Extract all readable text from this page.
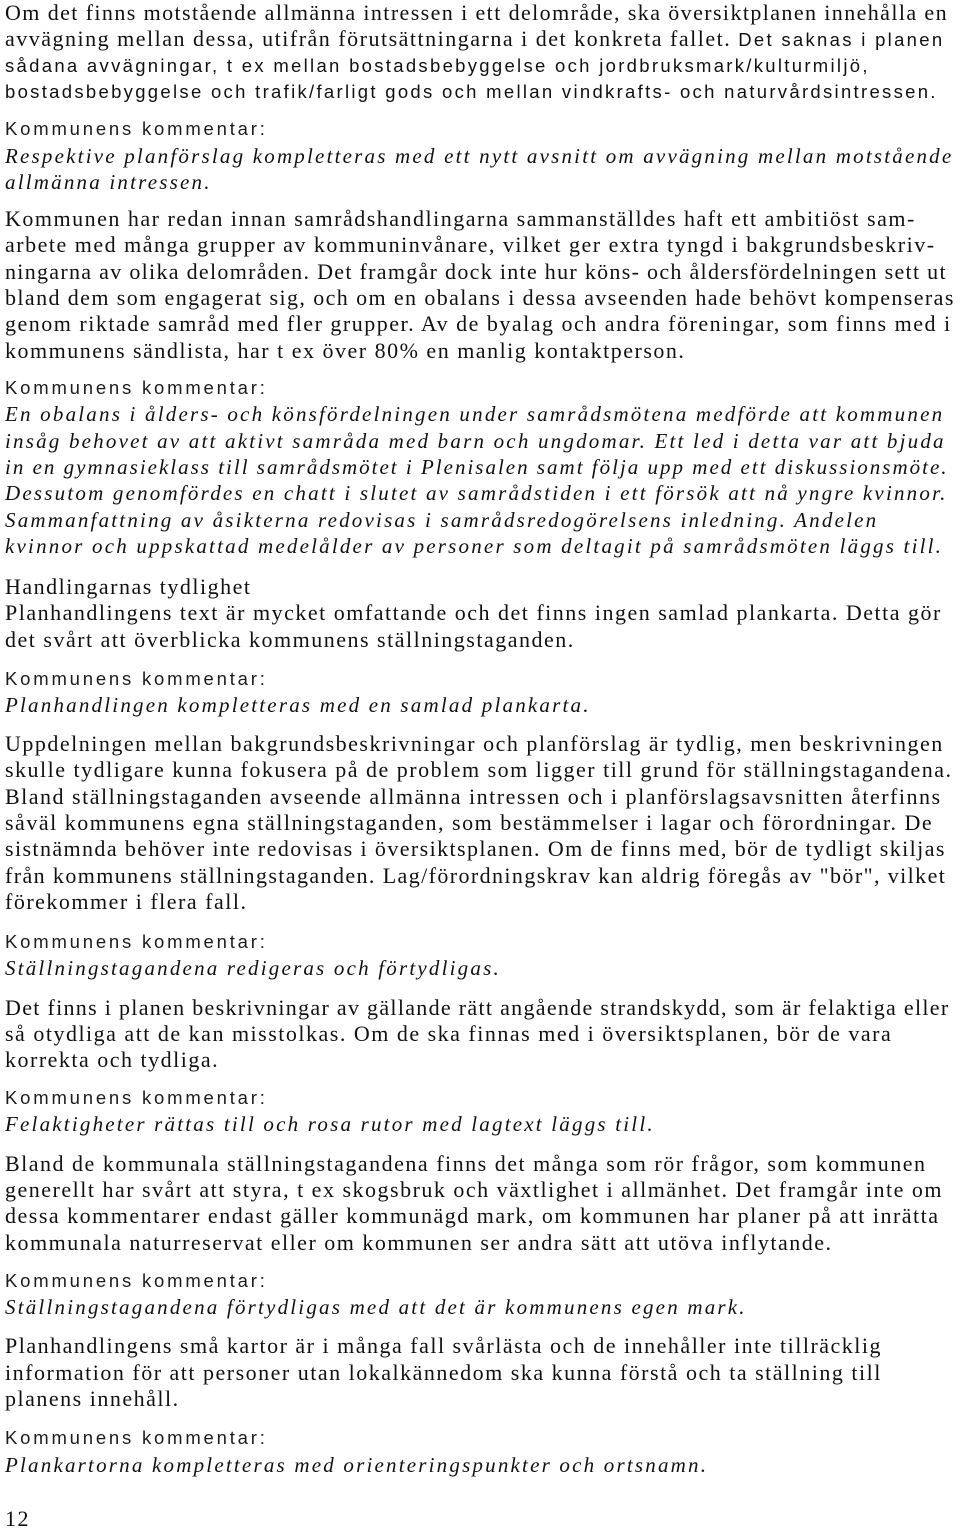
Om det finns motstående allmänna intressen i ett delområde, ska översiktplanen innehålla en
avvägning mellan dessa, utifrån förutsättningarna i det konkreta fallet. Det saknas i planen
sådana avvägningar, t ex mellan bostadsbebyggelse och jordbruksmark/kulturmiljö,
bostadsbebyggelse och trafik/farligt gods och mellan vindkrafts- och naturvårdsintressen.
Kommunens kommentar:
Respektive planförslag kompletteras med ett nytt avsnitt om avvägning mellan motstående
allmänna intressen.
Kommunen har redan innan samrådshandlingarna sammanställdes haft ett ambitiöst sam-
arbete med många grupper av kommuninvånare, vilket ger extra tyngd i bakgrundsbeskriv-
ningarna av olika delområden. Det framgår dock inte hur köns- och åldersfördelningen sett ut
bland dem som engagerat sig, och om en obalans i dessa avseenden hade behövt kompenseras
genom riktade samråd med fler grupper. Av de byalag och andra föreningar, som finns med i
kommunens sändlista, har t ex över 80% en manlig kontaktperson.
Kommunens kommentar:
En obalans i ålders- och könsfördelningen under samrådsmötena medförde att kommunen
insåg behovet av att aktivt samråda med barn och ungdomar. Ett led i detta var att bjuda
in en gymnasieklass till samrådsmötet i Plenisalen samt följa upp med ett diskussionsmöte.
Dessutom genomfördes en chatt i slutet av samrådstiden i ett försök att nå yngre kvinnor.
Sammanfattning av åsikterna redovisas i samrådsredogörelsens inledning. Andelen
kvinnor och uppskattad medelålder av personer som deltagit på samrådsmöten läggs till.
Handlingarnas tydlighet
Planhandlingens text är mycket omfattande och det finns ingen samlad plankarta. Detta gör
det svårt att överblicka kommunens ställningstaganden.
Kommunens kommentar:
Planhandlingen kompletteras med en samlad plankarta.
Uppdelningen mellan bakgrundsbeskrivningar och planförslag är tydlig, men beskrivningen
skulle tydligare kunna fokusera på de problem som ligger till grund för ställningstagandena.
Bland ställningstaganden avseende allmänna intressen och i planförslagsavsnitten återfinns
såväl kommunens egna ställningstaganden, som bestämmelser i lagar och förordningar. De
sistnämnda behöver inte redovisas i översiktsplanen. Om de finns med, bör de tydligt skiljas
från kommunens ställningstaganden. Lag/förordningskrav kan aldrig föregås av "bör", vilket
förekommer i flera fall.
Kommunens kommentar:
Ställningstagandena redigeras och förtydligas.
Det finns i planen beskrivningar av gällande rätt angående strandskydd, som är felaktiga eller
så otydliga att de kan misstolkas. Om de ska finnas med i översiktsplanen, bör de vara
korrekta och tydliga.
Kommunens kommentar:
Felaktigheter rättas till och rosa rutor med lagtext läggs till.
Bland de kommunala ställningstagandena finns det många som rör frågor, som kommunen
generellt har svårt att styra, t ex skogsbruk och växtlighet i allmänhet. Det framgår inte om
dessa kommentarer endast gäller kommunägd mark, om kommunen har planer på att inrätta
kommunala naturreservat eller om kommunen ser andra sätt att utöva inflytande.
Kommunens kommentar:
Ställningstagandena förtydligas med att det är kommunens egen mark.
Planhandlingens små kartor är i många fall svårlästa och de innehåller inte tillräcklig
information för att personer utan lokalkännedom ska kunna förstå och ta ställning till
planens innehåll.
Kommunens kommentar:
Plankartorna kompletteras med orienteringspunkter och ortsnamn.
12
